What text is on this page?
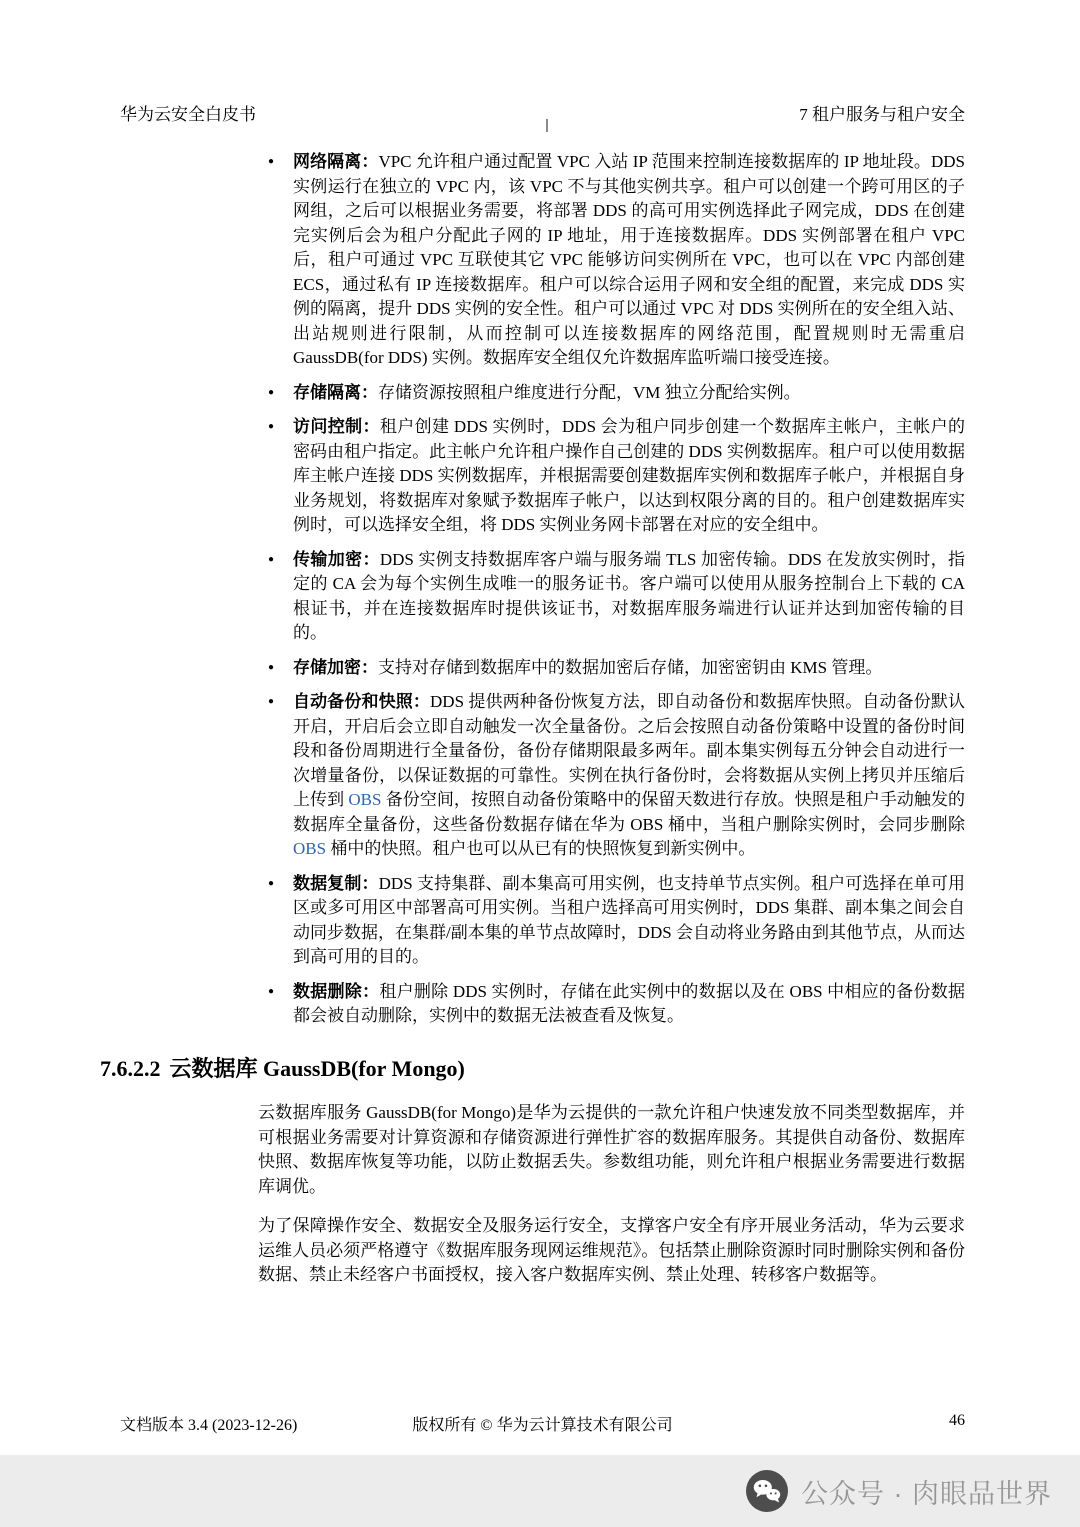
华为云安全白皮书	7 租户服务与租户安全
● 网络隔离：VPC 允许租户通过配置 VPC 入站 IP 范围来控制连接数据库的 IP 地址段。DDS 实例运行在独立的 VPC 内，该 VPC 不与其他实例共享。租户可以创建一个跨可用区的子网组，之后可以根据业务需要，将部署 DDS 的高可用实例选择此子网完成，DDS 在创建完实例后会为租户分配此子网的 IP 地址，用于连接数据库。DDS 实例部署在租户 VPC 后，租户可通过 VPC 互联使其它 VPC 能够访问实例所在 VPC，也可以在 VPC 内部创建 ECS，通过私有 IP 连接数据库。租户可以综合运用子网和安全组的配置，来完成 DDS 实例的隔离，提升 DDS 实例的安全性。租户可以通过 VPC 对 DDS 实例所在的安全组入站、出站规则进行限制，从而控制可以连接数据库的网络范围，配置规则时无需重启 GaussDB(for DDS) 实例。数据库安全组仅允许数据库监听端口接受连接。
● 存储隔离：存储资源按照租户维度进行分配，VM 独立分配给实例。
● 访问控制：租户创建 DDS 实例时，DDS 会为租户同步创建一个数据库主帐户，主帐户的密码由租户指定。此主帐户允许租户操作自己创建的 DDS 实例数据库。租户可以使用数据库主帐户连接 DDS 实例数据库，并根据需要创建数据库实例和数据库子帐户，并根据自身业务规划，将数据库对象赋予数据库子帐户，以达到权限分离的目的。租户创建数据库实例时，可以选择安全组，将 DDS 实例业务网卡部署在对应的安全组中。
● 传输加密：DDS 实例支持数据库客户端与服务端 TLS 加密传输。DDS 在发放实例时，指定的 CA 会为每个实例生成唯一的服务证书。客户端可以使用从服务控制台上下载的 CA 根证书，并在连接数据库时提供该证书，对数据库服务端进行认证并达到加密传输的目的。
● 存储加密：支持对存储到数据库中的数据加密后存储，加密密钥由 KMS 管理。
● 自动备份和快照：DDS 提供两种备份恢复方法，即自动备份和数据库快照。自动备份默认开启，开启后会立即自动触发一次全量备份。之后会按照自动备份策略中设置的备份时间段和备份周期进行全量备份，备份存储期限最多两年。副本集实例每五分钟会自动进行一次增量备份，以保证数据的可靠性。实例在执行备份时，会将数据从实例上拷贝并压缩后上传到 OBS 备份空间，按照自动备份策略中的保留天数进行存放。快照是租户手动触发的数据库全量备份，这些备份数据存储在华为 OBS 桶中，当租户删除实例时，会同步删除 OBS 桶中的快照。租户也可以从已有的快照恢复到新实例中。
● 数据复制：DDS 支持集群、副本集高可用实例，也支持单节点实例。租户可选择在单可用区或多可用区中部署高可用实例。当租户选择高可用实例时，DDS 集群、副本集之间会自动同步数据，在集群/副本集的单节点故障时，DDS 会自动将业务路由到其他节点，从而达到高可用的目的。
● 数据删除：租户删除 DDS 实例时，存储在此实例中的数据以及在 OBS 中相应的备份数据都会被自动删除，实例中的数据无法被查看及恢复。
7.6.2.2 云数据库 GaussDB(for Mongo)

云数据库服务 GaussDB(for Mongo)是华为云提供的一款允许租户快速发放不同类型数据库，并可根据业务需要对计算资源和存储资源进行弹性扩容的数据库服务。其提供自动备份、数据库快照、数据库恢复等功能，以防止数据丢失。参数组功能，则允许租户根据业务需要进行数据库调优。

为了保障操作安全、数据安全及服务运行安全，支撑客户安全有序开展业务活动，华为云要求运维人员必须严格遵守《数据库服务现网运维规范》。包括禁止删除资源时同时删除实例和备份数据、禁止未经客户书面授权，接入客户数据库实例、禁止处理、转移客户数据等。

文档版本 3.4 (2023-12-26)	版权所有 © 华为云计算技术有限公司	46
公众号 · 肉眼品世界
